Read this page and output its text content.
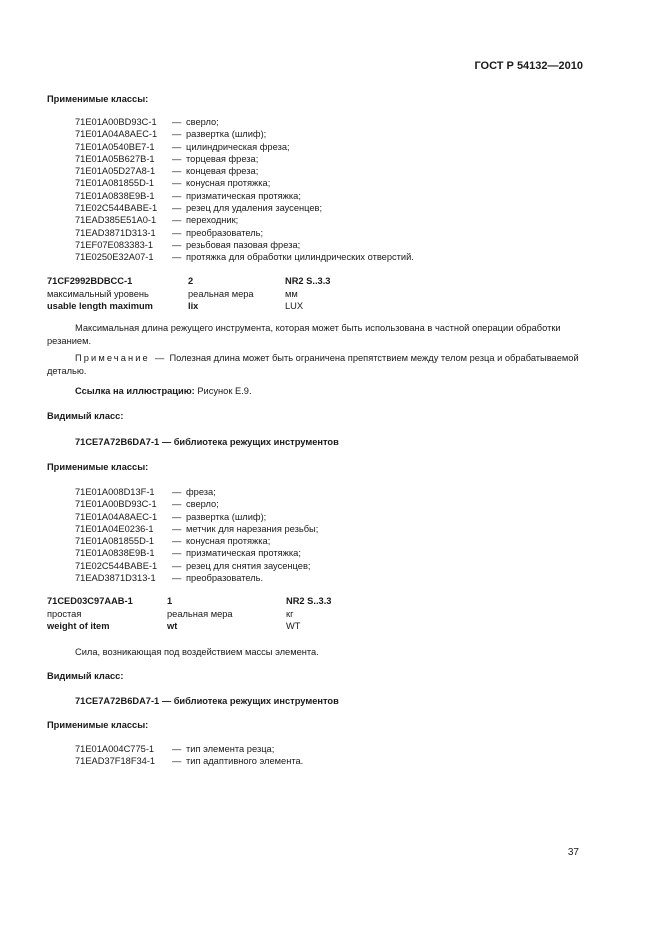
ГОСТ Р 54132—2010
Применимые классы:
71E01A00BD93C-1 — сверло;
71E01A04A8AEC-1 — развертка (шлиф);
71E01A0540BE7-1 — цилиндрическая фреза;
71E01A05B627B-1 — торцевая фреза;
71E01A05D27A8-1 — концевая фреза;
71E01A081855D-1 — конусная протяжка;
71E01A0838E9B-1 — призматическая протяжка;
71E02C544BABE-1 — резец для удаления заусенцев;
71EAD385E51A0-1 — переходник;
71EAD3871D313-1 — преобразователь;
71EF07E083383-1 — резьбовая пазовая фреза;
71E0250E32A07-1 — протяжка для обработки цилиндрических отверстий.
71CF2992BDBCC-1	2	NR2 S..3.3
максимальный уровень	реальная мера	мм
usable length maximum	lix	LUX
Максимальная длина режущего инструмента, которая может быть использована в частной операции обработки резанием.
Примечание — Полезная длина может быть ограничена препятствием между телом резца и обрабатываемой деталью.
Ссылка на иллюстрацию: Рисунок Е.9.
Видимый класс:
71CE7A72B6DA7-1 — библиотека режущих инструментов
Применимые классы:
71E01A008D13F-1 — фреза;
71E01A00BD93C-1 — сверло;
71E01A04A8AEC-1 — развертка (шлиф);
71E01A04E0236-1 — метчик для нарезания резьбы;
71E01A081855D-1 — конусная протяжка;
71E01A0838E9B-1 — призматическая протяжка;
71E02C544BABE-1 — резец для снятия заусенцев;
71EAD3871D313-1 — преобразователь.
71CED03C97AAB-1	1	NR2 S..3.3
простая	реальная мера	кг
weight of item	wt	WT
Сила, возникающая под воздействием массы элемента.
Видимый класс:
71CE7A72B6DA7-1 — библиотека режущих инструментов
Применимые классы:
71E01A004C775-1 — тип элемента резца;
71EAD37F18F34-1 — тип адаптивного элемента.
37
